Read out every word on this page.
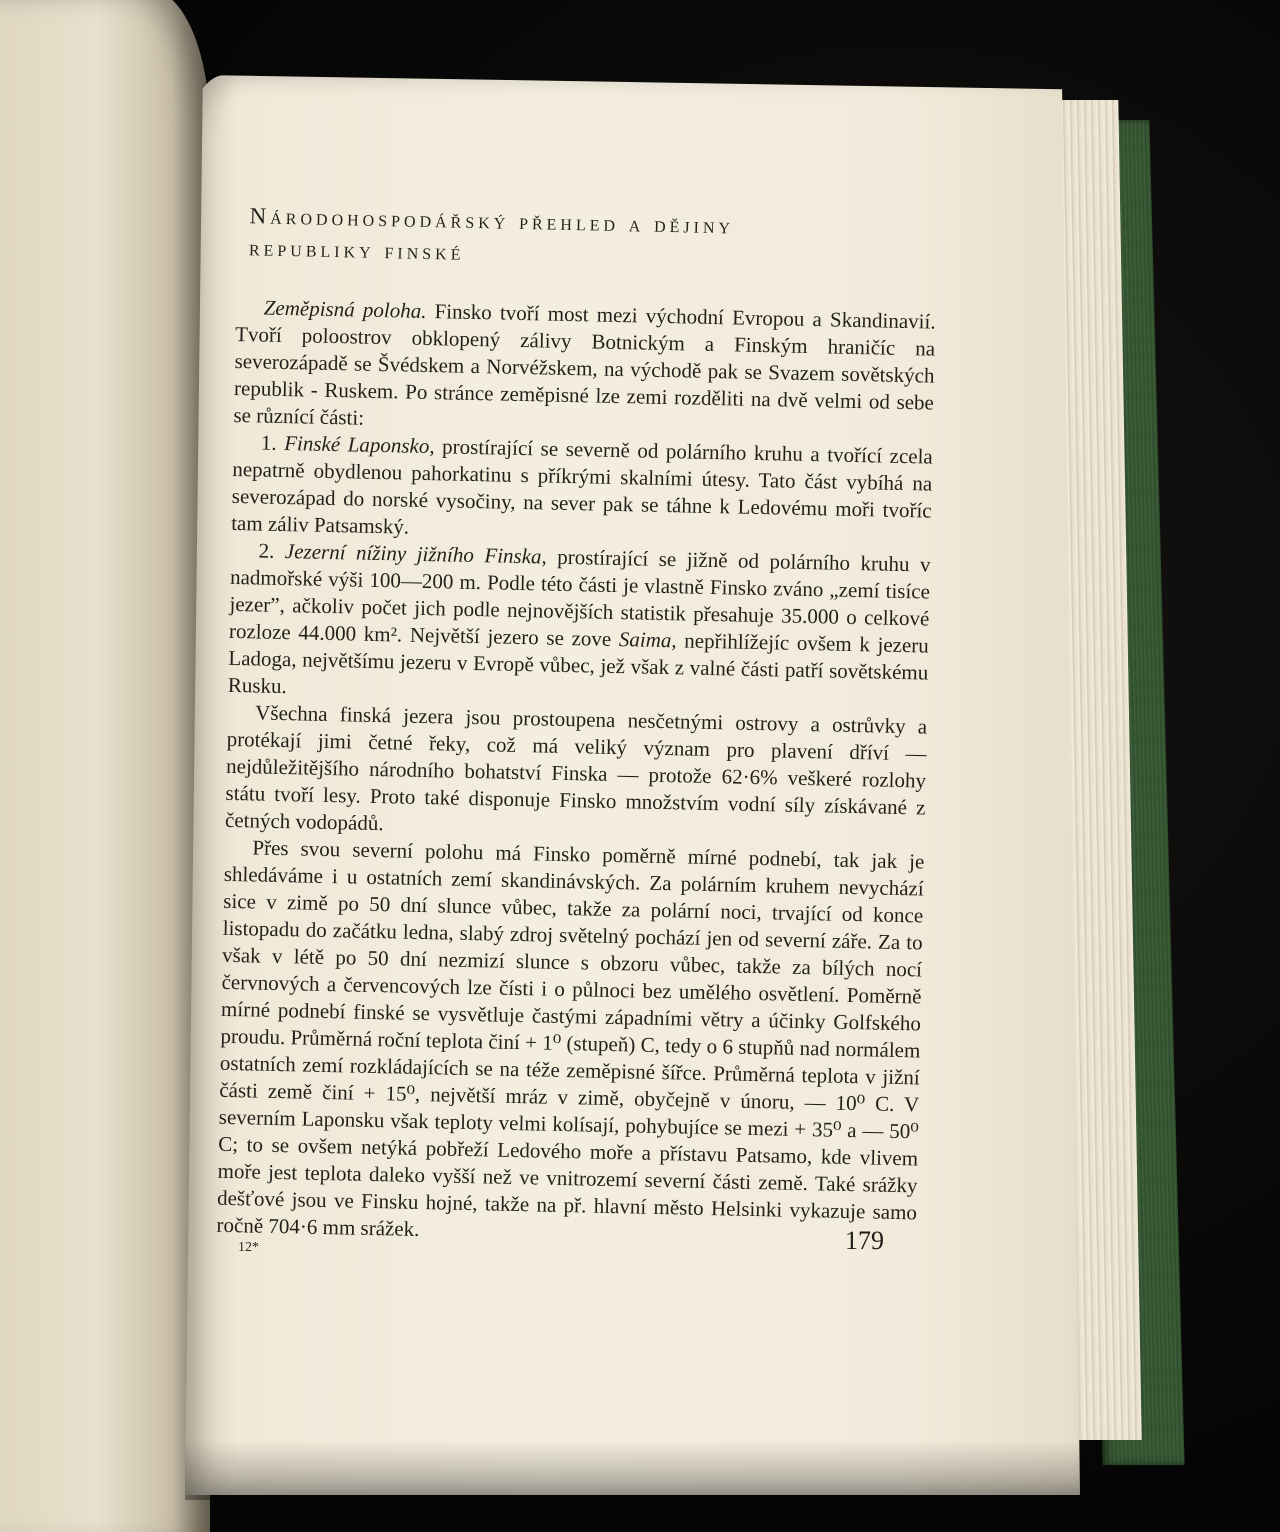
Národohospodářský přehled a dějiny
republiky finské

Zeměpisná poloha. Finsko tvoří most mezi východní Evropou a Skandinavií. Tvoří poloostrov obklopený zálivy Botnickým a Finským hraničíc na severozápadě se Švédskem a Norvéžskem, na východě pak se Svazem sovětských republik - Ruskem. Po stránce zeměpisné lze zemi rozděliti na dvě velmi od sebe se různící části:

1. Finské Laponsko, prostírající se severně od polárního kruhu a tvořící zcela nepatrně obydlenou pahorkatinu s příkrými skalními útesy. Tato část vybíhá na severozápad do norské vysočiny, na sever pak se táhne k Ledovému moři tvoříc tam záliv Patsamský.

2. Jezerní nížiny jižního Finska, prostírající se jižně od polárního kruhu v nadmořské výši 100—200 m. Podle této části je vlastně Finsko zváno „zemí tisíce jezer”, ačkoliv počet jich podle nejnovějších statistik přesahuje 35.000 o celkové rozloze 44.000 km². Největší jezero se zove Saima, nepřihlížejíc ovšem k jezeru Ladoga, největšímu jezeru v Evropě vůbec, jež však z valné části patří sovětskému Rusku.

Všechna finská jezera jsou prostoupena nesčetnými ostrovy a ostrůvky a protékají jimi četné řeky, což má veliký význam pro plavení dříví — nejdůležitějšího národního bohatství Finska — protože 62·6% veškeré rozlohy státu tvoří lesy. Proto také disponuje Finsko množstvím vodní síly získávané z četných vodopádů.

Přes svou severní polohu má Finsko poměrně mírné podnebí, tak jak je shledáváme i u ostatních zemí skandinávských. Za polárním kruhem nevychází sice v zimě po 50 dní slunce vůbec, takže za polární noci, trvající od konce listopadu do začátku ledna, slabý zdroj světelný pochází jen od severní záře. Za to však v létě po 50 dní nezmizí slunce s obzoru vůbec, takže za bílých nocí červnových a červencových lze čísti i o půlnoci bez umělého osvětlení. Poměrně mírné podnebí finské se vysvětluje častými západními větry a účinky Golfského proudu. Průměrná roční teplota činí + 1⁰ (stupeň) C, tedy o 6 stupňů nad normálem ostatních zemí rozkládajících se na téže zeměpisné šířce. Průměrná teplota v jižní části země činí + 15⁰, největší mráz v zimě, obyčejně v únoru, — 10⁰ C. V severním Laponsku však teploty velmi kolísají, pohybujíce se mezi + 35⁰ a — 50⁰ C; to se ovšem netýká pobřeží Ledového moře a přístavu Patsamo, kde vlivem moře jest teplota daleko vyšší než ve vnitrozemí severní části země. Také srážky dešťové jsou ve Finsku hojné, takže na př. hlavní město Helsinki vykazuje samo ročně 704·6 mm srážek.

12*	179
